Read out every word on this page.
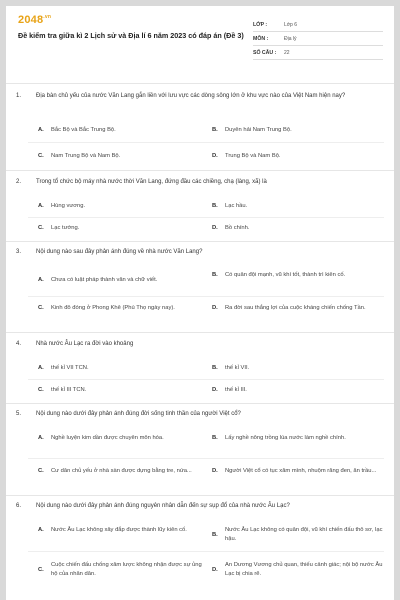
$2048^{.vn}$
Đề kiểm tra giữa kì 2 Lịch sử và Địa lí 6 năm 2023 có đáp án (Đề 3)
LỚP :	Lớp 6
MÔN :	Địa lý
SỐ CÂU :	22
1.	Địa bàn chủ yếu của nước Văn Lang gắn liền với lưu vực các dòng sông lớn ở khu vực nào của Việt Nam hiện nay?
A.	Bắc Bộ và Bắc Trung Bộ.	B.	Duyên hải Nam Trung Bộ.
C.	Nam Trung Bộ và Nam Bộ.	D.	Trung Bộ và Nam Bộ.
2.	Trong tổ chức bộ máy nhà nước thời Văn Lang, đứng đầu các chiềng, chạ (làng, xã) là
A.	Hùng vương.	B.	Lạc hầu.
C.	Lạc tướng.	D.	Bồ chính.
3.	Nội dung nào sau đây phản ánh đúng về nhà nước Văn Lang?
A.	Chưa có luật pháp thành văn và chữ viết.
B.	Có quân đội mạnh, vũ khí tốt, thành trì kiên cố.
C.	Kinh đô đóng ở Phong Khê (Phú Thọ ngày nay).	D.	Ra đời sau thắng lợi của cuộc kháng chiến chống Tần.
4.	Nhà nước Âu Lạc ra đời vào khoảng
A.	thế kỉ VII TCN.	B.	thế kỉ VII.
C.	thế kỉ III TCN.	D.	thế kỉ III.
5.	Nội dung nào dưới đây phản ánh đúng đời sống tinh thần của người Việt cổ?
A.	Nghề luyện kim dần được chuyên môn hóa.	B.	Lấy nghề nông trồng lúa nước làm nghề chính.
C.	Cư dân chủ yếu ở nhà sàn được dựng bằng tre, nứa...	D.	Người Việt cổ có tục xăm mình, nhuộm răng đen, ăn trầu...
6.	Nội dung nào dưới đây phản ánh đúng nguyên nhân dẫn đến sự sụp đổ của nhà nước Âu Lạc?
A.	Nước Âu Lạc không xây đắp được thành lũy kiên cố.
B.
Nước Âu Lạc không có quân đội, vũ khí chiến đấu thô sơ, lạc hậu.
C.
Cuộc chiến đấu chống xâm lược không nhận được sự ủng hộ của nhân dân.
D.
An Dương Vương chủ quan, thiếu cảnh giác; nội bộ nước Âu Lạc bị chia rẽ.
